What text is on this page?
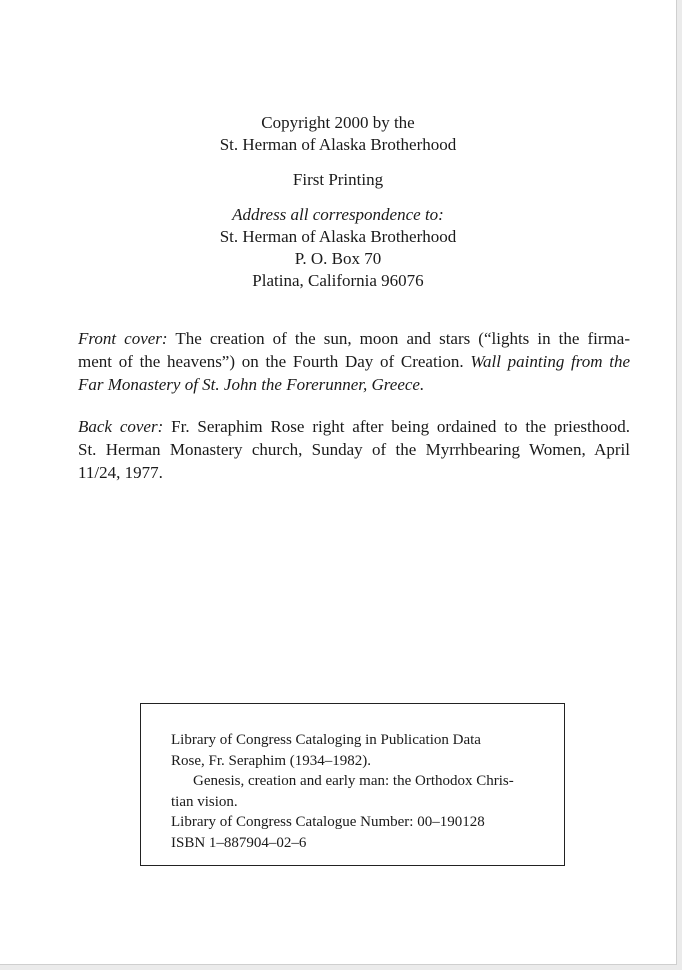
Copyright 2000 by the
St. Herman of Alaska Brotherhood
First Printing
Address all correspondence to:
St. Herman of Alaska Brotherhood
P. O. Box 70
Platina, California 96076
Front cover: The creation of the sun, moon and stars (“lights in the firma-
ment of the heavens”) on the Fourth Day of Creation. Wall painting from the
Far Monastery of St. John the Forerunner, Greece.
Back cover: Fr. Seraphim Rose right after being ordained to the priesthood.
St. Herman Monastery church, Sunday of the Myrrhbearing Women, April
11/24, 1977.
Library of Congress Cataloging in Publication Data
Rose, Fr. Seraphim (1934–1982).
Genesis, creation and early man: the Orthodox Chris-
tian vision.
Library of Congress Catalogue Number: 00–190128
ISBN 1–887904–02–6
